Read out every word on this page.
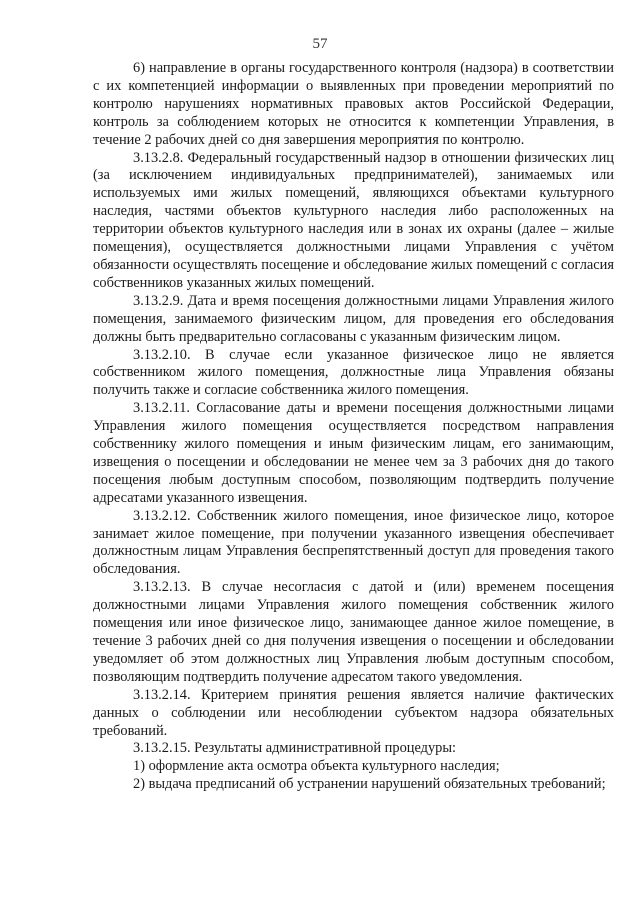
57

6) направление в органы государственного контроля (надзора) в соответствии с их компетенцией информации о выявленных при проведении мероприятий по контролю нарушениях нормативных правовых актов Российской Федерации, контроль за соблюдением которых не относится к компетенции Управления, в течение 2 рабочих дней со дня завершения мероприятия по контролю.

3.13.2.8. Федеральный государственный надзор в отношении физических лиц (за исключением индивидуальных предпринимателей), занимаемых или используемых ими жилых помещений, являющихся объектами культурного наследия, частями объектов культурного наследия либо расположенных на территории объектов культурного наследия или в зонах их охраны (далее – жилые помещения), осуществляется должностными лицами Управления с учётом обязанности осуществлять посещение и обследование жилых помещений с согласия собственников указанных жилых помещений.

3.13.2.9. Дата и время посещения должностными лицами Управления жилого помещения, занимаемого физическим лицом, для проведения его обследования должны быть предварительно согласованы с указанным физическим лицом.

3.13.2.10. В случае если указанное физическое лицо не является собственником жилого помещения, должностные лица Управления обязаны получить также и согласие собственника жилого помещения.

3.13.2.11. Согласование даты и времени посещения должностными лицами Управления жилого помещения осуществляется посредством направления собственнику жилого помещения и иным физическим лицам, его занимающим, извещения о посещении и обследовании не менее чем за 3 рабочих дня до такого посещения любым доступным способом, позволяющим подтвердить получение адресатами указанного извещения.

3.13.2.12. Собственник жилого помещения, иное физическое лицо, которое занимает жилое помещение, при получении указанного извещения обеспечивает должностным лицам Управления беспрепятственный доступ для проведения такого обследования.

3.13.2.13. В случае несогласия с датой и (или) временем посещения должностными лицами Управления жилого помещения собственник жилого помещения или иное физическое лицо, занимающее данное жилое помещение, в течение 3 рабочих дней со дня получения извещения о посещении и обследовании уведомляет об этом должностных лиц Управления любым доступным способом, позволяющим подтвердить получение адресатом такого уведомления.

3.13.2.14. Критерием принятия решения является наличие фактических данных о соблюдении или несоблюдении субъектом надзора обязательных требований.

3.13.2.15. Результаты административной процедуры:

1) оформление акта осмотра объекта культурного наследия;

2) выдача предписаний об устранении нарушений обязательных требований;
